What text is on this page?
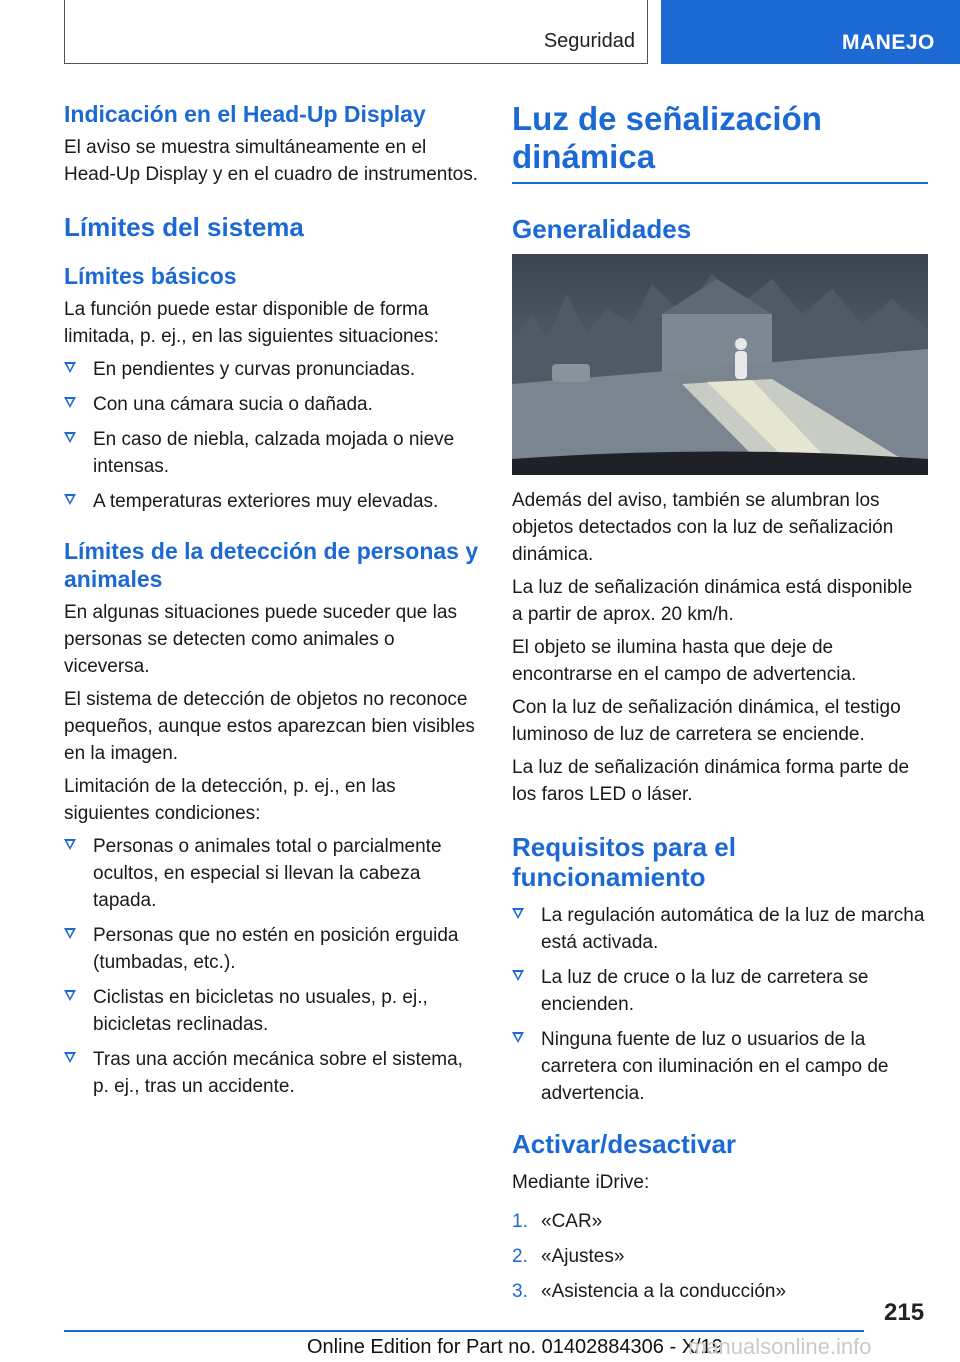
Seguridad	MANEJO
Indicación en el Head-Up Display

El aviso se muestra simultáneamente en el Head-Up Display y en el cuadro de instrumentos.

Límites del sistema
Límites básicos

La función puede estar disponible de forma limitada, p. ej., en las siguientes situaciones:

En pendientes y curvas pronunciadas.
Con una cámara sucia o dañada.
En caso de niebla, calzada mojada o nieve intensas.
A temperaturas exteriores muy elevadas.
Límites de la detección de personas y animales

En algunas situaciones puede suceder que las personas se detecten como animales o viceversa.

El sistema de detección de objetos no reconoce pequeños, aunque estos aparezcan bien visibles en la imagen.

Limitación de la detección, p. ej., en las siguientes condiciones:

Personas o animales total o parcialmente ocultos, en especial si llevan la cabeza tapada.
Personas que no estén en posición erguida (tumbadas, etc.).
Ciclistas en bicicletas no usuales, p. ej., bicicletas reclinadas.
Tras una acción mecánica sobre el sistema, p. ej., tras un accidente.
Luz de señalización dinámica
Generalidades

Además del aviso, también se alumbran los objetos detectados con la luz de señalización dinámica.

La luz de señalización dinámica está disponible a partir de aprox. 20 km/h.

El objeto se ilumina hasta que deje de encontrarse en el campo de advertencia.

Con la luz de señalización dinámica, el testigo luminoso de luz de carretera se enciende.

La luz de señalización dinámica forma parte de los faros LED o láser.

Requisitos para el funcionamiento
La regulación automática de la luz de marcha está activada.
La luz de cruce o la luz de carretera se encienden.
Ninguna fuente de luz o usuarios de la carretera con iluminación en el campo de advertencia.
Activar/desactivar

Mediante iDrive:

1. «CAR»
2. «Ajustes»
3. «Asistencia a la conducción»
215
Online Edition for Part no. 01402884306 - X/19
manualsonline.info
